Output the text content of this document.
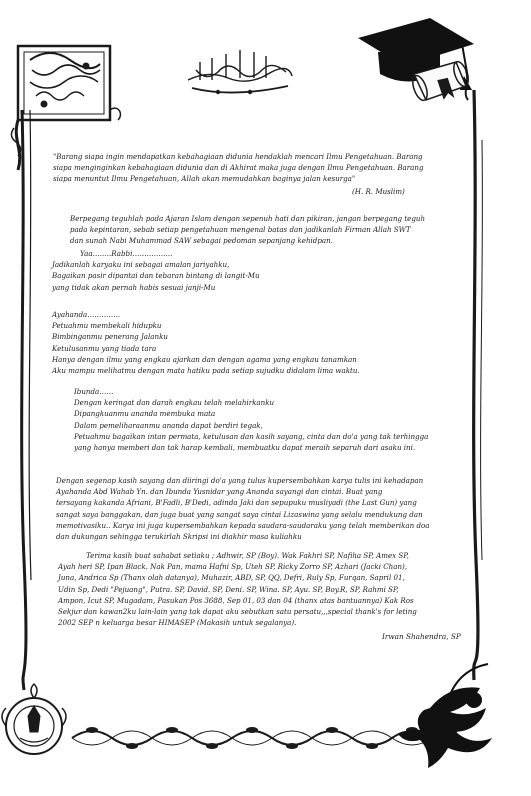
"Barang siapa ingin mendapatkan kebahagiaan didunia hendaklah mencari Ilmu Pengetahuan. Barang
siapa menginginkan kebahagiaan didunia dan di Akhirat maka juga dengan Ilmu Pengetahuan. Barang
siapa menuntut Ilmu Pengetahuan, Allah akan memudahkan baginya jalan kesurga"
(H. R. Muslim)
Berpegang teguhlah pada Ajaran Islam dengan sepenuh hati dan pikiran, jangan berpegang teguh
pada kepintaran, sebab setiap pengetahuan mengenal batas dan jadikanlah Firman Allah SWT
dan sunah Nabi Muhammad SAW sebagai pedoman sepanjang kehidpan.
Yaa……..Rabbi……………..
Jadikanlah karyaku ini sebagai amalan jariyahku,
Bagaikan pasir dipantai dan tebaran bintang di langit-Mu
yang tidak akan pernah habis sesuai janji-Mu
Ayahanda…………..
Petuahmu membekali hidupku
Bimbinganmu penerang Jalanku
Ketulusanmu yang tiada tara
Hanya dengan ilmu yang engkau ajarkan dan dengan agama yang engkau tanamkan
Aku mampu melihatmu dengan mata hatiku pada setiap sujudku didalam lima waktu.
Ibunda……
Dengan keringat dan darah engkau telah melahirkanku
Dipangkuanmu ananda membuka mata
Dalam pemeliharaanmu ananda dapat berdiri tegak,
Petuahmu bagaikan intan permata, ketulusan dan kasih sayang, cinta dan do'a yang tak terhingga
yang hanya memberi dan tak harap kembali, membuatku dapat meraih separuh dari asaku ini.
Dengan segenap kasih sayang dan diiringi do'a yang tulus kupersembahkan karya tulis ini kehadapan
Ayahanda Abd Wahab Yn. dan Ibunda Yusnidar yang Ananda sayangi dan cintai. Buat yang
tersayang kakanda Afriani, B'Fadli, B'Dedi, adinda Jaki dan sepupuku musliyadi (the Last Gun) yang
sangat saya banggakan, dan juga buat yang sangat saya cintai Lizaswina yang selalu mendukung dan
memotivasiku.. Karya ini juga kupersembahkan kepada saudara-saudaraku yang telah memberikan doa
dan dukungan sehingga terukirlah Skripsi ini diakhir masa kuliahku
Terima kasih buat sahabat setiaku ; Adhwir, SP (Boy). Wak Fakhri SP, Nafiha SP, Amex SP,
Ayah heri SP, Ipan Black, Nak Pan, mama Hafni Sp, Uteh SP, Ricky Zorro SP, Azhari (Jacki Chan),
Juna, Andrica Sp (Thanx olah datanya), Muhazir, ABD, SP, QQ, Defri, Ruly Sp, Furqan, Sapril 01,
Udin Sp, Dedi "Pejuang", Putra. SP, David. SP, Deni. SP, Wina. SP, Ayu. SP, Boy.R, SP, Rahmi SP,
Ampon, Icut SP, Mugadam, Pasukan Pos 3688, Sep 01, 03 dan 04 (thanx atas bantuannya) Kak Ros
Sekjur dan kawan2ku lain-lain yang tak dapat aku sebutkan satu persatu,,,special thank's for leting
2002 SEP n keluarga besar HIMASEP (Makasih untuk segalanya).
Irwan Shahendra, SP
